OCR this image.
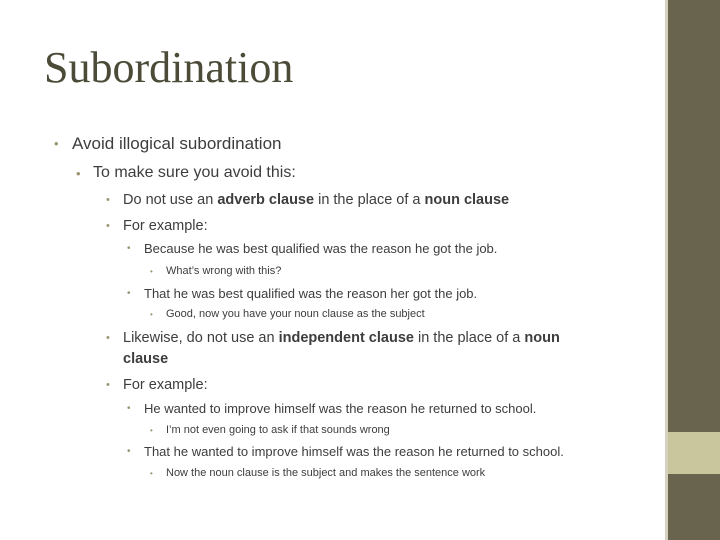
Subordination
• Avoid illogical subordination
• To make sure you avoid this:
• Do not use an adverb clause in the place of a noun clause
• For example:
• Because he was best qualified was the reason he got the job.
• What’s wrong with this?
• That he was best qualified was the reason her got the job.
• Good, now you have your noun clause as the subject
• Likewise, do not use an independent clause in the place of a noun
clause
• For example:
• He wanted to improve himself was the reason he returned to school.
• I’m not even going to ask if that sounds wrong
• That he wanted to improve himself was the reason he returned to school.
• Now the noun clause is the subject and makes the sentence work
